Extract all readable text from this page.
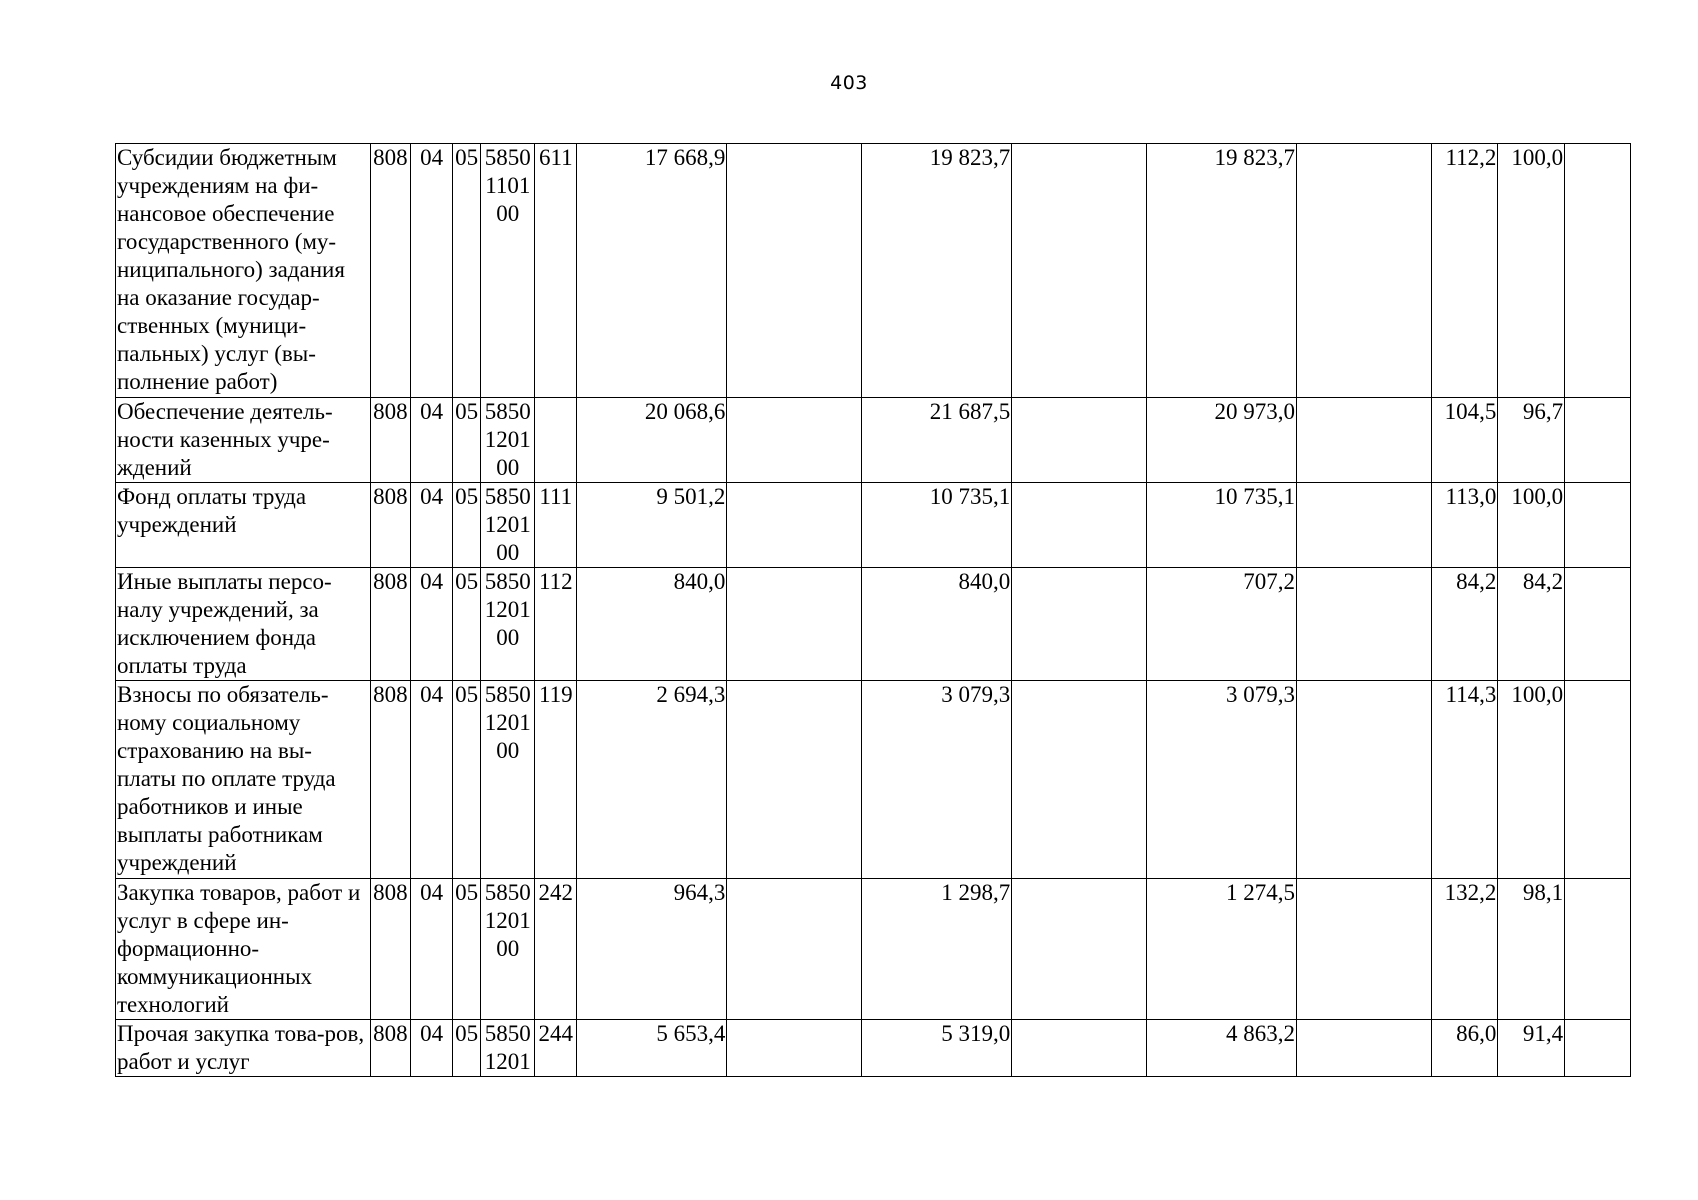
403
Субсидии бюджетным учреждениям на фи-нансовое обеспечение государственного (му-ниципального) задания на оказание государ-ственных (муници-пальных) услуг (вы-полнение работ)	808	04	05	5850110100	611	17 668,9		19 823,7		19 823,7		112,2	100,0	
Обеспечение деятель-ности казенных учре-ждений	808	04	05	5850120100		20 068,6		21 687,5		20 973,0		104,5	96,7	
Фонд оплаты труда учреждений	808	04	05	5850120100	111	9 501,2		10 735,1		10 735,1		113,0	100,0	
Иные выплаты персо-налу учреждений, за исключением фонда оплаты труда	808	04	05	5850120100	112	840,0		840,0		707,2		84,2	84,2	
Взносы по обязатель-ному социальному страхованию на вы-платы по оплате труда работников и иные выплаты работникам учреждений	808	04	05	5850120100	119	2 694,3		3 079,3		3 079,3		114,3	100,0	
Закупка товаров, работ и услуг в сфере ин-формационно-коммуникационных технологий	808	04	05	5850120100	242	964,3		1 298,7		1 274,5		132,2	98,1	
Прочая закупка това-ров, работ и услуг	808	04	05	5850 1201	244	5 653,4		5 319,0		4 863,2		86,0	91,4	
